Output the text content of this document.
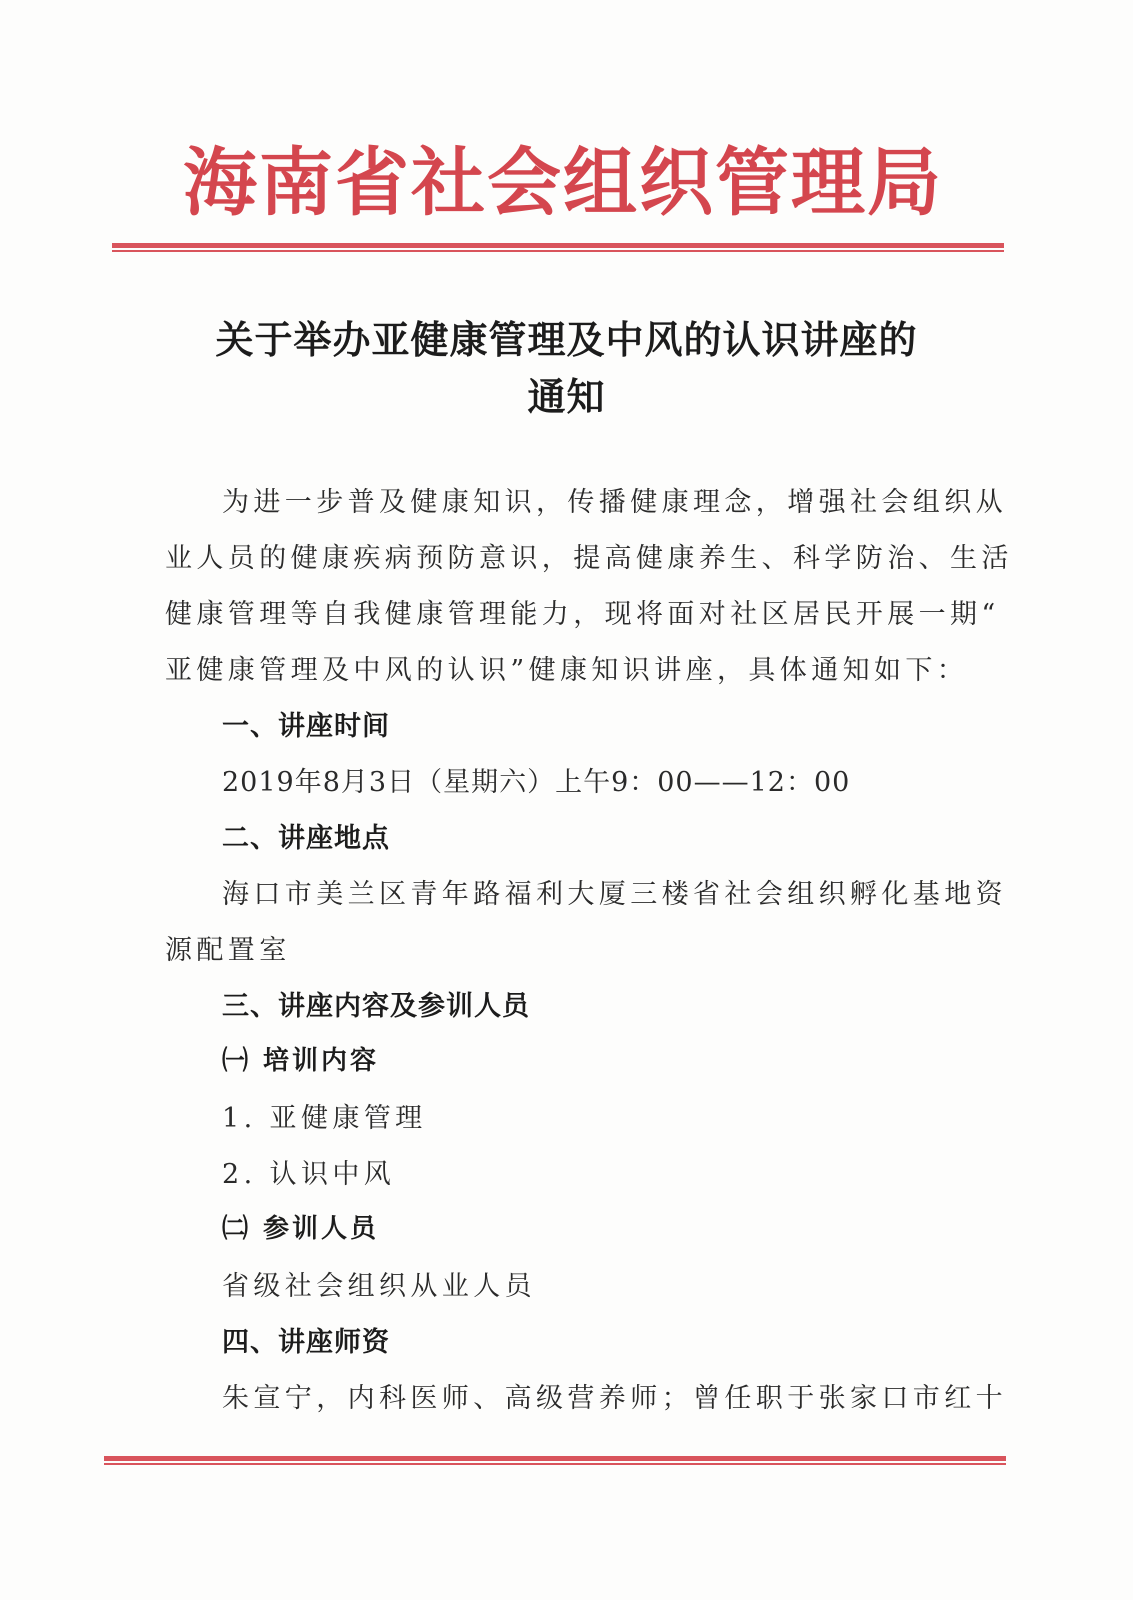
海南省社会组织管理局
关于举办亚健康管理及中风的认识讲座的
通知
为进一步普及健康知识，传播健康理念，增强社会组织从
业人员的健康疾病预防意识，提高健康养生、科学防治、生活
健康管理等自我健康管理能力，现将面对社区居民开展一期“
亚健康管理及中风的认识”健康知识讲座，具体通知如下：
一、讲座时间
2019年8月3日（星期六）上午9：00——12：00
二、讲座地点
海口市美兰区青年路福利大厦三楼省社会组织孵化基地资
源配置室
三、讲座内容及参训人员
㈠ 培训内容
1. 亚健康管理
2. 认识中风
㈡ 参训人员
省级社会组织从业人员
四、讲座师资
朱宣宁，内科医师、高级营养师；曾任职于张家口市红十
